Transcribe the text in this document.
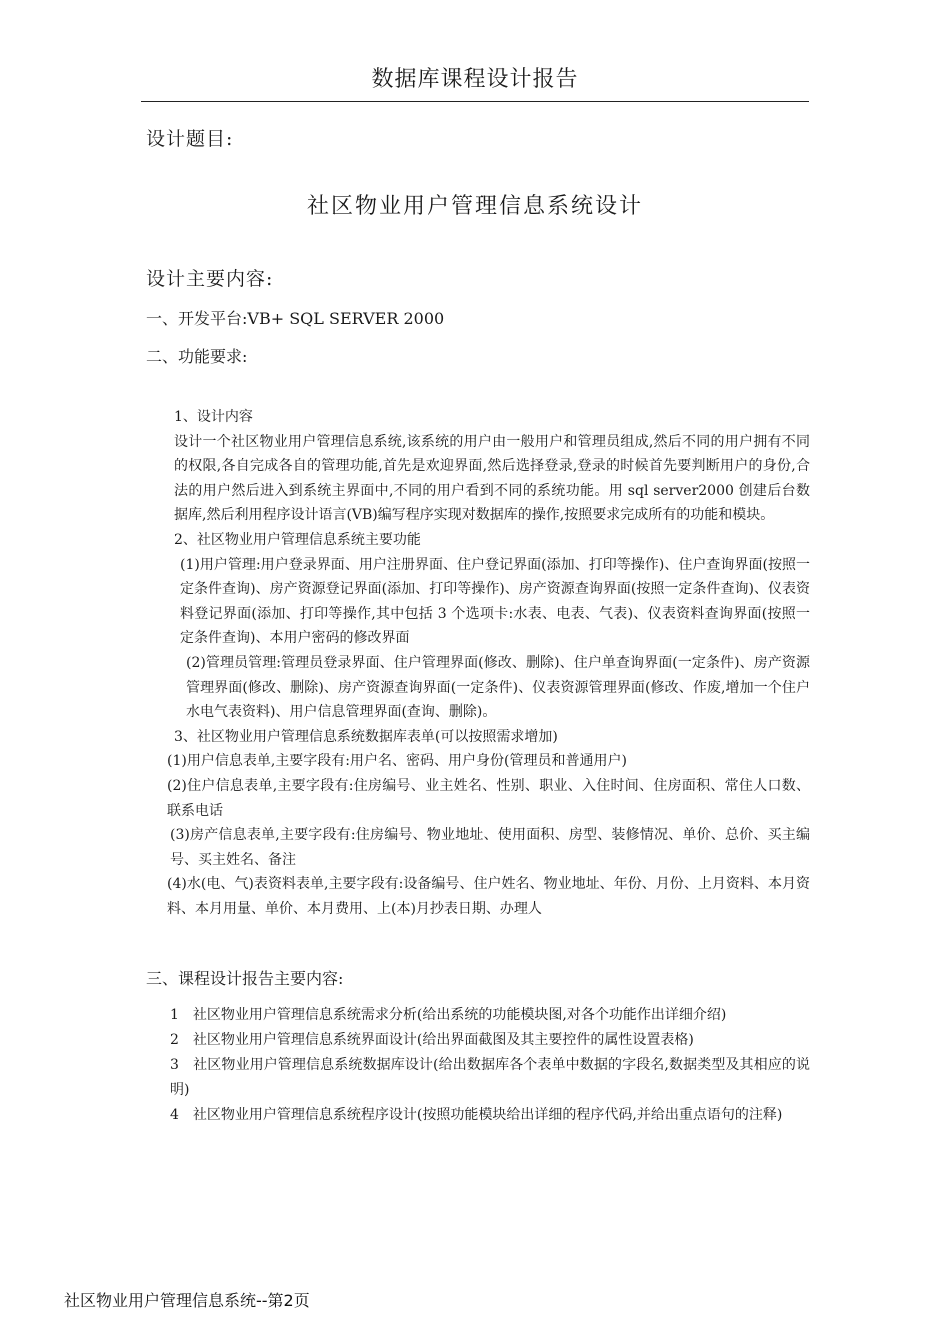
数据库课程设计报告
设计题目:
社区物业用户管理信息系统设计
设计主要内容:
一、开发平台:VB+ SQL SERVER 2000
二、功能要求:

1、设计内容

设计一个社区物业用户管理信息系统,该系统的用户由一般用户和管理员组成,然后不同的用户拥有不同的权限,各自完成各自的管理功能,首先是欢迎界面,然后选择登录,登录的时候首先要判断用户的身份,合法的用户然后进入到系统主界面中,不同的用户看到不同的系统功能。用 sql server2000 创建后台数据库,然后利用程序设计语言(VB)编写程序实现对数据库的操作,按照要求完成所有的功能和模块。

2、社区物业用户管理信息系统主要功能

(1)用户管理:用户登录界面、用户注册界面、住户登记界面(添加、打印等操作)、住户查询界面(按照一定条件查询)、房产资源登记界面(添加、打印等操作)、房产资源查询界面(按照一定条件查询)、仪表资料登记界面(添加、打印等操作,其中包括 3 个选项卡:水表、电表、气表)、仪表资料查询界面(按照一定条件查询)、本用户密码的修改界面

(2)管理员管理:管理员登录界面、住户管理界面(修改、删除)、住户单查询界面(一定条件)、房产资源管理界面(修改、删除)、房产资源查询界面(一定条件)、仪表资源管理界面(修改、作废,增加一个住户水电气表资料)、用户信息管理界面(查询、删除)。

3、社区物业用户管理信息系统数据库表单(可以按照需求增加)

(1)用户信息表单,主要字段有:用户名、密码、用户身份(管理员和普通用户)

(2)住户信息表单,主要字段有:住房编号、业主姓名、性别、职业、入住时间、住房面积、常住人口数、联系电话

(3)房产信息表单,主要字段有:住房编号、物业地址、使用面积、房型、装修情况、单价、总价、买主编号、买主姓名、备注

(4)水(电、气)表资料表单,主要字段有:设备编号、住户姓名、物业地址、年份、月份、上月资料、本月资料、本月用量、单价、本月费用、上(本)月抄表日期、办理人

三、课程设计报告主要内容:

1　社区物业用户管理信息系统需求分析(给出系统的功能模块图,对各个功能作出详细介绍)

2　社区物业用户管理信息系统界面设计(给出界面截图及其主要控件的属性设置表格)

3　社区物业用户管理信息系统数据库设计(给出数据库各个表单中数据的字段名,数据类型及其相应的说明)

4　社区物业用户管理信息系统程序设计(按照功能模块给出详细的程序代码,并给出重点语句的注释)

社区物业用户管理信息系统--第2页
